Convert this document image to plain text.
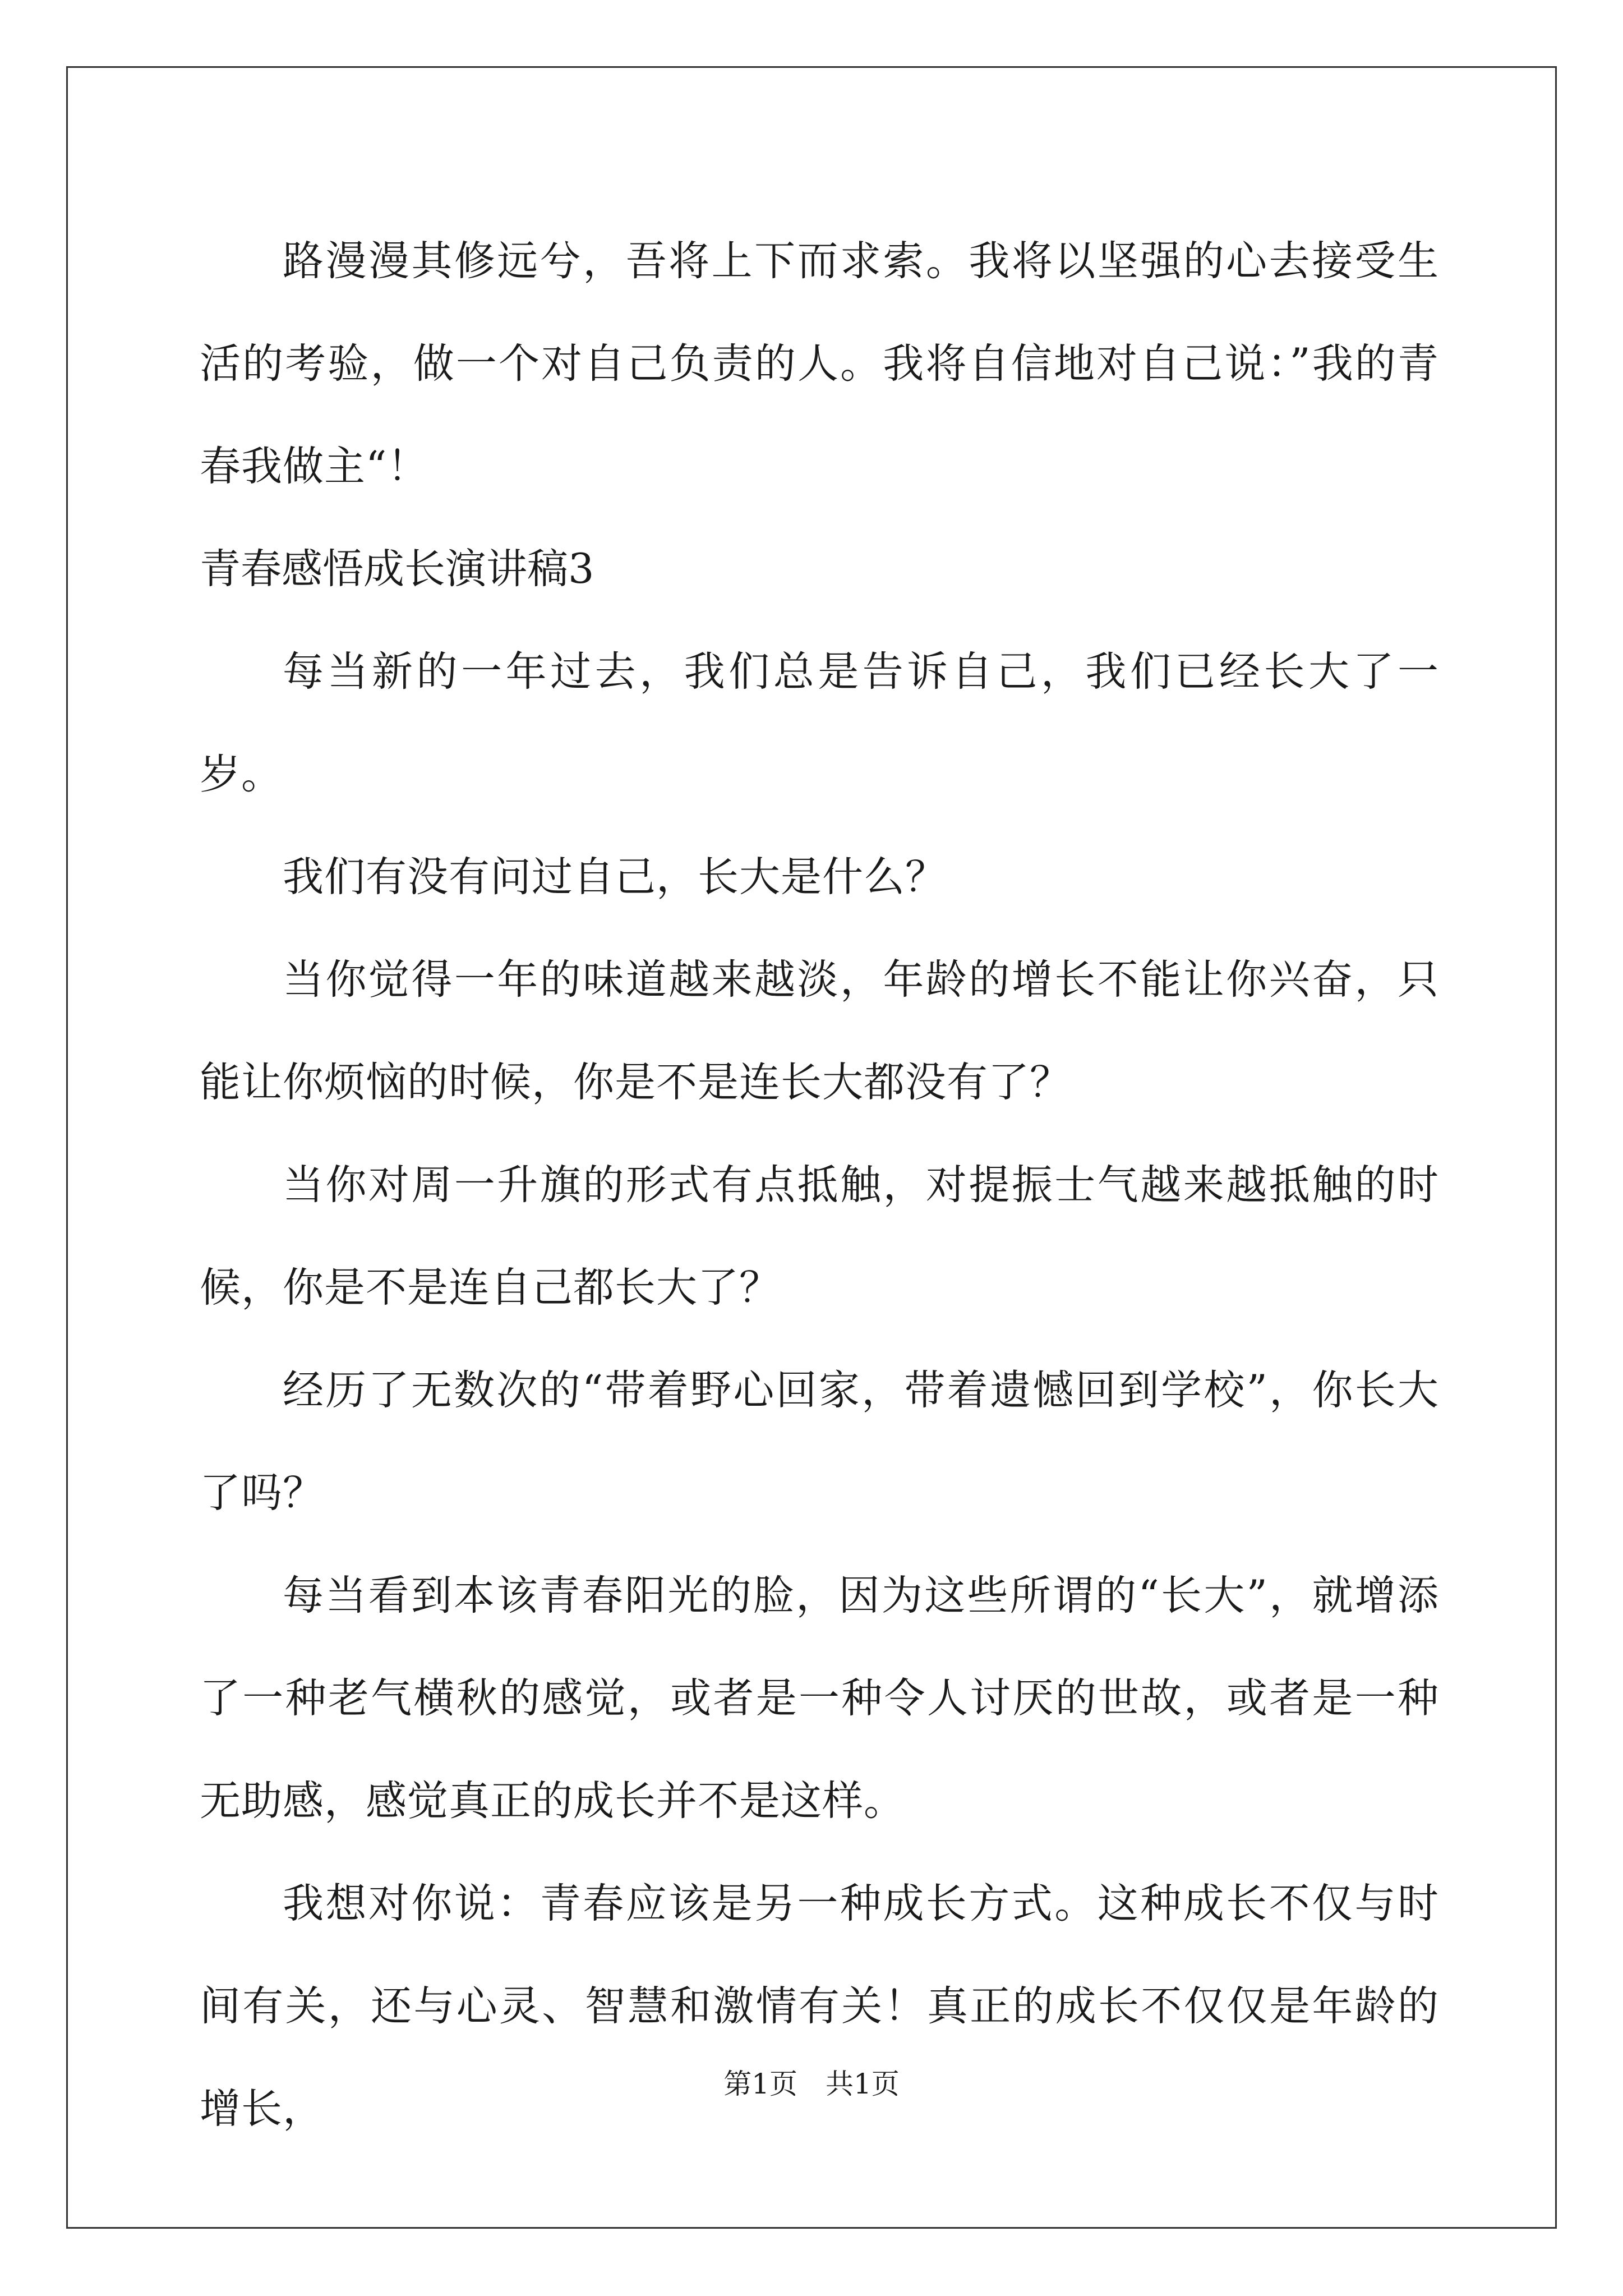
路漫漫其修远兮，吾将上下而求索。我将以坚强的心去接受生活的考验，做一个对自己负责的人。我将自信地对自己说：”我的青春我做主“！

青春感悟成长演讲稿3

每当新的一年过去，我们总是告诉自己，我们已经长大了一岁。

我们有没有问过自己，长大是什么？

当你觉得一年的味道越来越淡，年龄的增长不能让你兴奋，只能让你烦恼的时候，你是不是连长大都没有了？

当你对周一升旗的形式有点抵触，对提振士气越来越抵触的时候，你是不是连自己都长大了？

经历了无数次的“带着野心回家，带着遗憾回到学校”，你长大了吗？

每当看到本该青春阳光的脸，因为这些所谓的“长大”，就增添了一种老气横秋的感觉，或者是一种令人讨厌的世故，或者是一种无助感，感觉真正的成长并不是这样。

我想对你说：青春应该是另一种成长方式。这种成长不仅与时间有关，还与心灵、智慧和激情有关！真正的成长不仅仅是年龄的增长，

第1页 共1页
